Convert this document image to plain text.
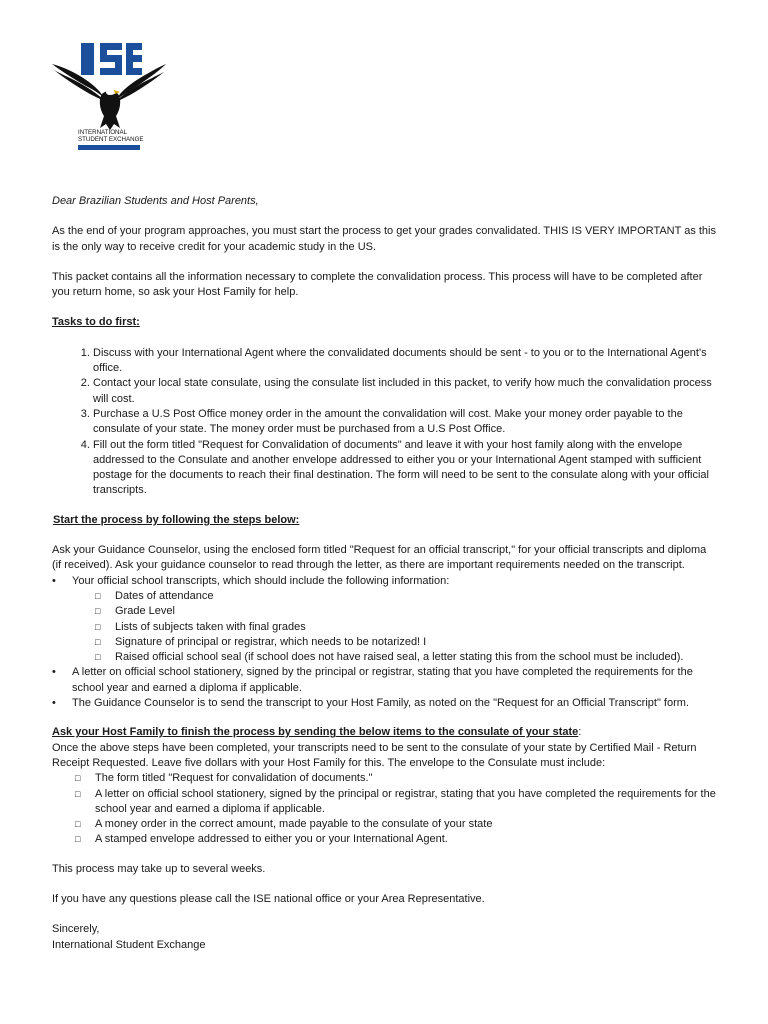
INTERNATIONAL
STUDENT EXCHANGE

Dear Brazilian Students and Host Parents,

As the end of your program approaches, you must start the process to get your grades convalidated. THIS IS VERY IMPORTANT as this is the only way to receive credit for your academic study in the US.

This packet contains all the information necessary to complete the convalidation process. This process will have to be completed after you return home, so ask your Host Family for help.

Tasks to do first:

1. Discuss with your International Agent where the convalidated documents should be sent - to you or to the International Agent's office.
2. Contact your local state consulate, using the consulate list included in this packet, to verify how much the convalidation process will cost.
3. Purchase a U.S Post Office money order in the amount the convalidation will cost. Make your money order payable to the consulate of your state. The money order must be purchased from a U.S Post Office.
4. Fill out the form titled "Request for Convalidation of documents" and leave it with your host family along with the envelope addressed to the Consulate and another envelope addressed to either you or your International Agent stamped with sufficient postage for the documents to reach their final destination. The form will need to be sent to the consulate along with your official transcripts.

Start the process by following the steps below:

Ask your Guidance Counselor, using the enclosed form titled "Request for an official transcript," for your official transcripts and diploma (if received). Ask your guidance counselor to read through the letter, as there are important requirements needed on the transcript.

• Your official school transcripts, which should include the following information:
□ Dates of attendance
□ Grade Level
□ Lists of subjects taken with final grades
□ Signature of principal or registrar, which needs to be notarized! I
□ Raised official school seal (if school does not have raised seal, a letter stating this from the school must be included).
• A letter on official school stationery, signed by the principal or registrar, stating that you have completed the requirements for the school year and earned a diploma if applicable.
• The Guidance Counselor is to send the transcript to your Host Family, as noted on the "Request for an Official Transcript" form.

Ask your Host Family to finish the process by sending the below items to the consulate of your state:

Once the above steps have been completed, your transcripts need to be sent to the consulate of your state by Certified Mail - Return Receipt Requested. Leave five dollars with your Host Family for this. The envelope to the Consulate must include:

□ The form titled "Request for convalidation of documents."
□ A letter on official school stationery, signed by the principal or registrar, stating that you have completed the requirements for the school year and earned a diploma if applicable.
□ A money order in the correct amount, made payable to the consulate of your state
□ A stamped envelope addressed to either you or your International Agent.

This process may take up to several weeks.

If you have any questions please call the ISE national office or your Area Representative.

Sincerely,

International Student Exchange
